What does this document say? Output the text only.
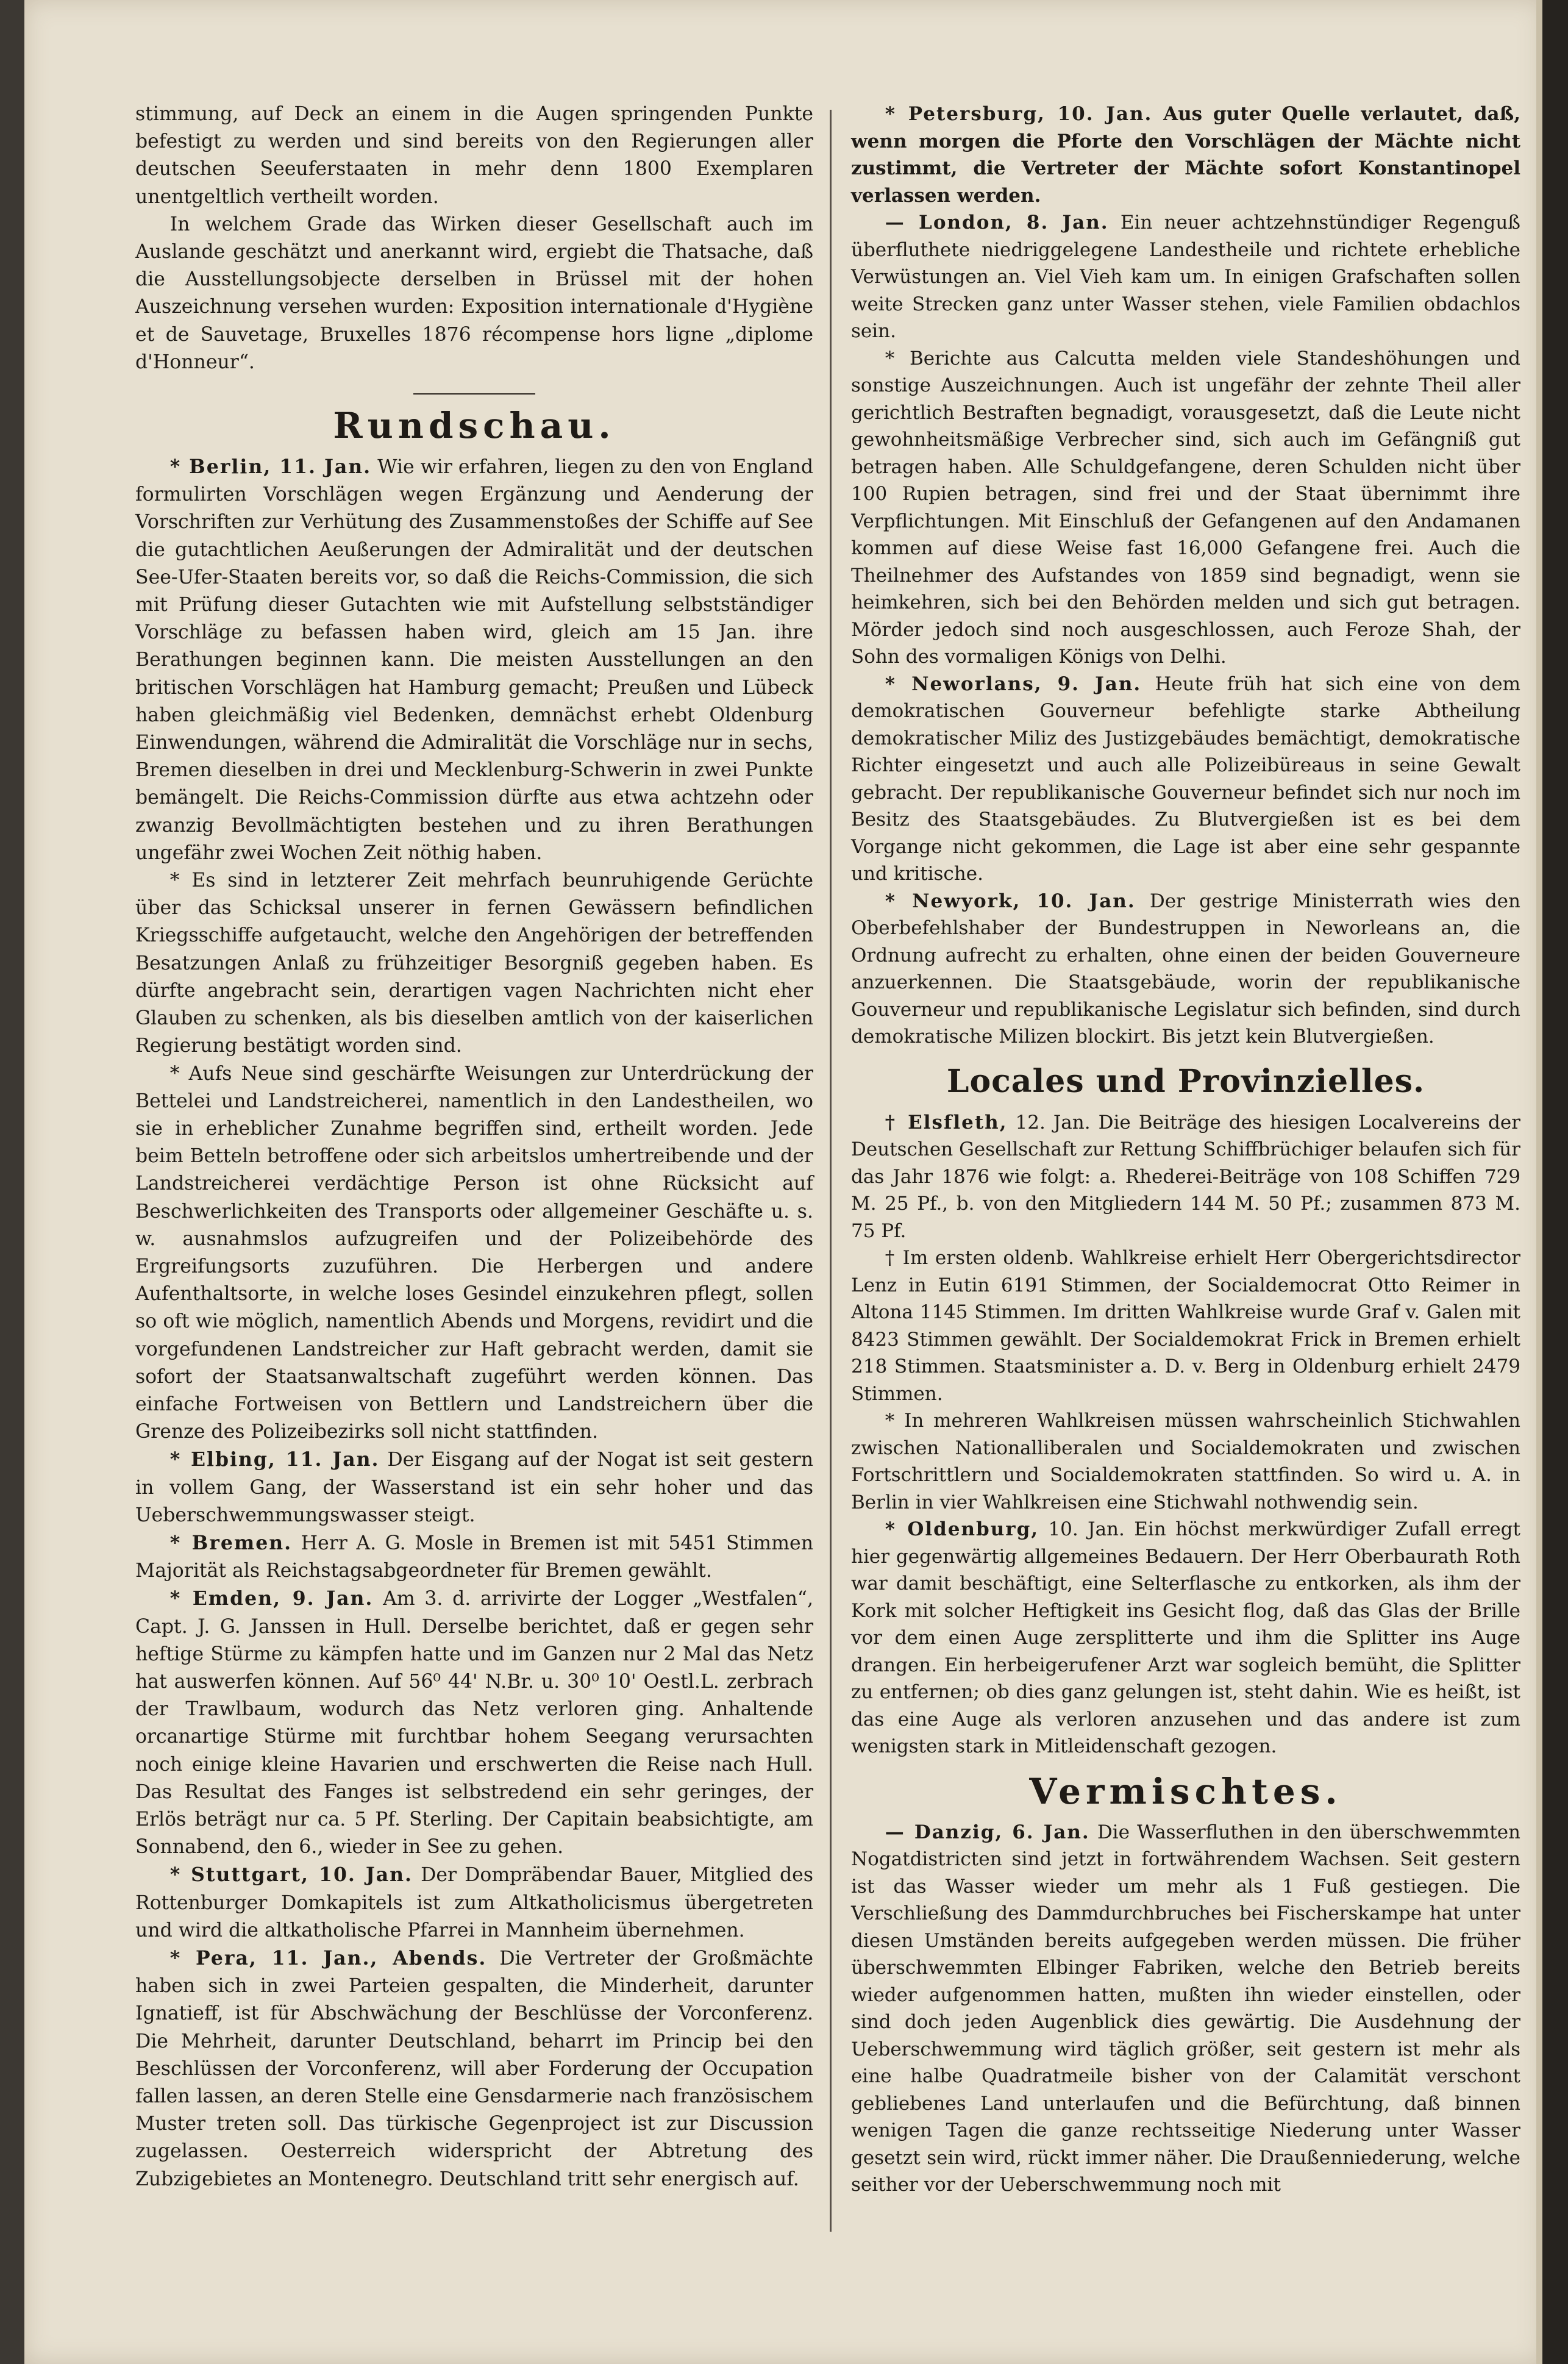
stimmung, auf Deck an einem in die Augen springenden Punkte befestigt zu werden und sind bereits von den Regierungen aller deutschen Seeuferstaaten in mehr denn 1800 Exemplaren unentgeltlich vertheilt worden.

In welchem Grade das Wirken dieser Gesellschaft auch im Auslande geschätzt und anerkannt wird, ergiebt die Thatsache, daß die Ausstellungsobjecte derselben in Brüssel mit der hohen Auszeichnung versehen wurden: Exposition internationale d'Hygiène et de Sauvetage, Bruxelles 1876 récompense hors ligne „diplome d'Honneur“.

Rundschau.

* Berlin, 11. Jan. Wie wir erfahren, liegen zu den von England formulirten Vorschlägen wegen Ergänzung und Aenderung der Vorschriften zur Verhütung des Zusammenstoßes der Schiffe auf See die gutachtlichen Aeußerungen der Admiralität und der deutschen See-Ufer-Staaten bereits vor, so daß die Reichs-Commission, die sich mit Prüfung dieser Gutachten wie mit Aufstellung selbstständiger Vorschläge zu befassen haben wird, gleich am 15 Jan. ihre Berathungen beginnen kann. Die meisten Ausstellungen an den britischen Vorschlägen hat Hamburg gemacht; Preußen und Lübeck haben gleichmäßig viel Bedenken, demnächst erhebt Oldenburg Einwendungen, während die Admiralität die Vorschläge nur in sechs, Bremen dieselben in drei und Mecklenburg-Schwerin in zwei Punkte bemängelt. Die Reichs-Commission dürfte aus etwa achtzehn oder zwanzig Bevollmächtigten bestehen und zu ihren Berathungen ungefähr zwei Wochen Zeit nöthig haben.

* Es sind in letzterer Zeit mehrfach beunruhigende Gerüchte über das Schicksal unserer in fernen Gewässern befindlichen Kriegsschiffe aufgetaucht, welche den Angehörigen der betreffenden Besatzungen Anlaß zu frühzeitiger Besorgniß gegeben haben. Es dürfte angebracht sein, derartigen vagen Nachrichten nicht eher Glauben zu schenken, als bis dieselben amtlich von der kaiserlichen Regierung bestätigt worden sind.

* Aufs Neue sind geschärfte Weisungen zur Unterdrückung der Bettelei und Landstreicherei, namentlich in den Landestheilen, wo sie in erheblicher Zunahme begriffen sind, ertheilt worden. Jede beim Betteln betroffene oder sich arbeitslos umhertreibende und der Landstreicherei verdächtige Person ist ohne Rücksicht auf Beschwerlichkeiten des Transports oder allgemeiner Geschäfte u. s. w. ausnahmslos aufzugreifen und der Polizeibehörde des Ergreifungsorts zuzuführen. Die Herbergen und andere Aufenthaltsorte, in welche loses Gesindel einzukehren pflegt, sollen so oft wie möglich, namentlich Abends und Morgens, revidirt und die vorgefundenen Landstreicher zur Haft gebracht werden, damit sie sofort der Staatsanwaltschaft zugeführt werden können. Das einfache Fortweisen von Bettlern und Landstreichern über die Grenze des Polizeibezirks soll nicht stattfinden.

* Elbing, 11. Jan. Der Eisgang auf der Nogat ist seit gestern in vollem Gang, der Wasserstand ist ein sehr hoher und das Ueberschwemmungswasser steigt.

* Bremen. Herr A. G. Mosle in Bremen ist mit 5451 Stimmen Majorität als Reichstagsabgeordneter für Bremen gewählt.

* Emden, 9. Jan. Am 3. d. arrivirte der Logger „Westfalen“, Capt. J. G. Janssen in Hull. Derselbe berichtet, daß er gegen sehr heftige Stürme zu kämpfen hatte und im Ganzen nur 2 Mal das Netz hat auswerfen können. Auf 56⁰ 44' N.Br. u. 30⁰ 10' Oestl.L. zerbrach der Trawlbaum, wodurch das Netz verloren ging. Anhaltende orcanartige Stürme mit furchtbar hohem Seegang verursachten noch einige kleine Havarien und erschwerten die Reise nach Hull. Das Resultat des Fanges ist selbstredend ein sehr geringes, der Erlös beträgt nur ca. 5 Pf. Sterling. Der Capitain beabsichtigte, am Sonnabend, den 6., wieder in See zu gehen.

* Stuttgart, 10. Jan. Der Dompräbendar Bauer, Mitglied des Rottenburger Domkapitels ist zum Altkatholicismus übergetreten und wird die altkatholische Pfarrei in Mannheim übernehmen.

* Pera, 11. Jan., Abends. Die Vertreter der Großmächte haben sich in zwei Parteien gespalten, die Minderheit, darunter Ignatieff, ist für Abschwächung der Beschlüsse der Vorconferenz. Die Mehrheit, darunter Deutschland, beharrt im Princip bei den Beschlüssen der Vorconferenz, will aber Forderung der Occupation fallen lassen, an deren Stelle eine Gensdarmerie nach französischem Muster treten soll. Das türkische Gegenproject ist zur Discussion zugelassen. Oesterreich widerspricht der Abtretung des Zubzigebietes an Montenegro. Deutschland tritt sehr energisch auf.

* Petersburg, 10. Jan. Aus guter Quelle verlautet, daß, wenn morgen die Pforte den Vorschlägen der Mächte nicht zustimmt, die Vertreter der Mächte sofort Konstantinopel verlassen werden.

— London, 8. Jan. Ein neuer achtzehnstündiger Regenguß überfluthete niedriggelegene Landestheile und richtete erhebliche Verwüstungen an. Viel Vieh kam um. In einigen Grafschaften sollen weite Strecken ganz unter Wasser stehen, viele Familien obdachlos sein.

* Berichte aus Calcutta melden viele Standeshöhungen und sonstige Auszeichnungen. Auch ist ungefähr der zehnte Theil aller gerichtlich Bestraften begnadigt, vorausgesetzt, daß die Leute nicht gewohnheitsmäßige Verbrecher sind, sich auch im Gefängniß gut betragen haben. Alle Schuldgefangene, deren Schulden nicht über 100 Rupien betragen, sind frei und der Staat übernimmt ihre Verpflichtungen. Mit Einschluß der Gefangenen auf den Andamanen kommen auf diese Weise fast 16,000 Gefangene frei. Auch die Theilnehmer des Aufstandes von 1859 sind begnadigt, wenn sie heimkehren, sich bei den Behörden melden und sich gut betragen. Mörder jedoch sind noch ausgeschlossen, auch Feroze Shah, der Sohn des vormaligen Königs von Delhi.

* Neworlans, 9. Jan. Heute früh hat sich eine von dem demokratischen Gouverneur befehligte starke Abtheilung demokratischer Miliz des Justizgebäudes bemächtigt, demokratische Richter eingesetzt und auch alle Polizeibüreaus in seine Gewalt gebracht. Der republikanische Gouverneur befindet sich nur noch im Besitz des Staatsgebäudes. Zu Blutvergießen ist es bei dem Vorgange nicht gekommen, die Lage ist aber eine sehr gespannte und kritische.

* Newyork, 10. Jan. Der gestrige Ministerrath wies den Oberbefehlshaber der Bundestruppen in Neworleans an, die Ordnung aufrecht zu erhalten, ohne einen der beiden Gouverneure anzuerkennen. Die Staatsgebäude, worin der republikanische Gouverneur und republikanische Legislatur sich befinden, sind durch demokratische Milizen blockirt. Bis jetzt kein Blutvergießen.

Locales und Provinzielles.

† Elsfleth, 12. Jan. Die Beiträge des hiesigen Localvereins der Deutschen Gesellschaft zur Rettung Schiffbrüchiger belaufen sich für das Jahr 1876 wie folgt: a. Rhederei-Beiträge von 108 Schiffen 729 M. 25 Pf., b. von den Mitgliedern 144 M. 50 Pf.; zusammen 873 M. 75 Pf.

† Im ersten oldenb. Wahlkreise erhielt Herr Obergerichtsdirector Lenz in Eutin 6191 Stimmen, der Socialdemocrat Otto Reimer in Altona 1145 Stimmen. Im dritten Wahlkreise wurde Graf v. Galen mit 8423 Stimmen gewählt. Der Socialdemokrat Frick in Bremen erhielt 218 Stimmen. Staatsminister a. D. v. Berg in Oldenburg erhielt 2479 Stimmen.

* In mehreren Wahlkreisen müssen wahrscheinlich Stichwahlen zwischen Nationalliberalen und Socialdemokraten und zwischen Fortschrittlern und Socialdemokraten stattfinden. So wird u. A. in Berlin in vier Wahlkreisen eine Stichwahl nothwendig sein.

* Oldenburg, 10. Jan. Ein höchst merkwürdiger Zufall erregt hier gegenwärtig allgemeines Bedauern. Der Herr Oberbaurath Roth war damit beschäftigt, eine Selterflasche zu entkorken, als ihm der Kork mit solcher Heftigkeit ins Gesicht flog, daß das Glas der Brille vor dem einen Auge zersplitterte und ihm die Splitter ins Auge drangen. Ein herbeigerufener Arzt war sogleich bemüht, die Splitter zu entfernen; ob dies ganz gelungen ist, steht dahin. Wie es heißt, ist das eine Auge als verloren anzusehen und das andere ist zum wenigsten stark in Mitleidenschaft gezogen.

Vermischtes.

— Danzig, 6. Jan. Die Wasserfluthen in den überschwemmten Nogatdistricten sind jetzt in fortwährendem Wachsen. Seit gestern ist das Wasser wieder um mehr als 1 Fuß gestiegen. Die Verschließung des Dammdurchbruches bei Fischerskampe hat unter diesen Umständen bereits aufgegeben werden müssen. Die früher überschwemmten Elbinger Fabriken, welche den Betrieb bereits wieder aufgenommen hatten, mußten ihn wieder einstellen, oder sind doch jeden Augenblick dies gewärtig. Die Ausdehnung der Ueberschwemmung wird täglich größer, seit gestern ist mehr als eine halbe Quadratmeile bisher von der Calamität verschont gebliebenes Land unterlaufen und die Befürchtung, daß binnen wenigen Tagen die ganze rechtsseitige Niederung unter Wasser gesetzt sein wird, rückt immer näher. Die Draußenniederung, welche seither vor der Ueberschwemmung noch mit
